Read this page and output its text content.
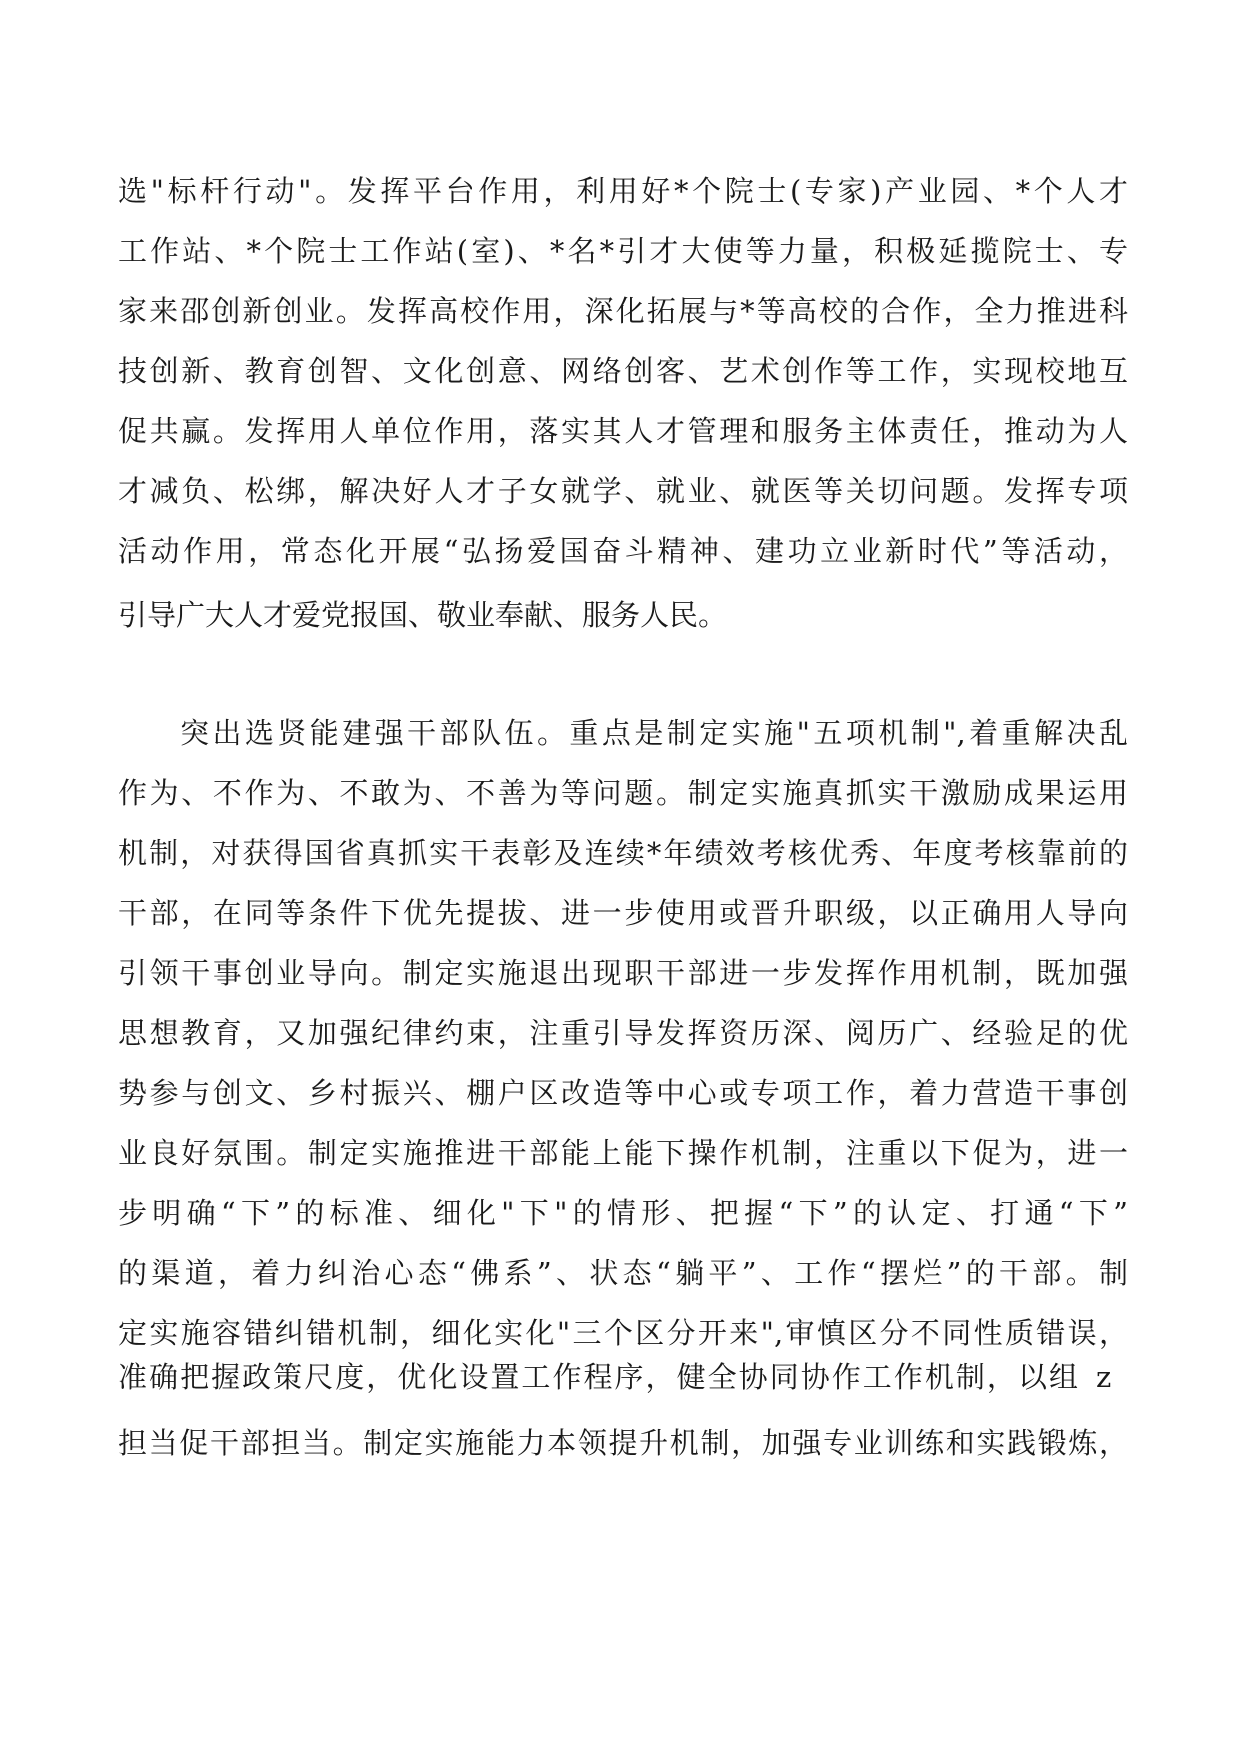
选"标杆行动"。发挥平台作用，利用好*个院士(专家)产业园、*个人才
工作站、*个院士工作站(室)、*名*引才大使等力量，积极延揽院士、专
家来邵创新创业。发挥高校作用，深化拓展与*等高校的合作，全力推进科
技创新、教育创智、文化创意、网络创客、艺术创作等工作，实现校地互
促共赢。发挥用人单位作用，落实其人才管理和服务主体责任，推动为人
才减负、松绑，解决好人才子女就学、就业、就医等关切问题。发挥专项
活动作用，常态化开展“弘扬爱国奋斗精神、建功立业新时代”等活动，
引导广大人才爱党报国、敬业奉献、服务人民。
突出选贤能建强干部队伍。重点是制定实施"五项机制",着重解决乱
作为、不作为、不敢为、不善为等问题。制定实施真抓实干激励成果运用
机制，对获得国省真抓实干表彰及连续*年绩效考核优秀、年度考核靠前的
干部，在同等条件下优先提拔、进一步使用或晋升职级，以正确用人导向
引领干事创业导向。制定实施退出现职干部进一步发挥作用机制，既加强
思想教育，又加强纪律约束，注重引导发挥资历深、阅历广、经验足的优
势参与创文、乡村振兴、棚户区改造等中心或专项工作，着力营造干事创
业良好氛围。制定实施推进干部能上能下操作机制，注重以下促为，进一
步明确“下”的标准、细化"下"的情形、把握“下”的认定、打通“下”
的渠道，着力纠治心态“佛系”、状态“躺平”、工作“摆烂”的干部。制
定实施容错纠错机制，细化实化"三个区分开来",审慎区分不同性质错误，
准确把握政策尺度，优化设置工作程序，健全协同协作工作机制，以组 z
担当促干部担当。制定实施能力本领提升机制，加强专业训练和实践锻炼，
